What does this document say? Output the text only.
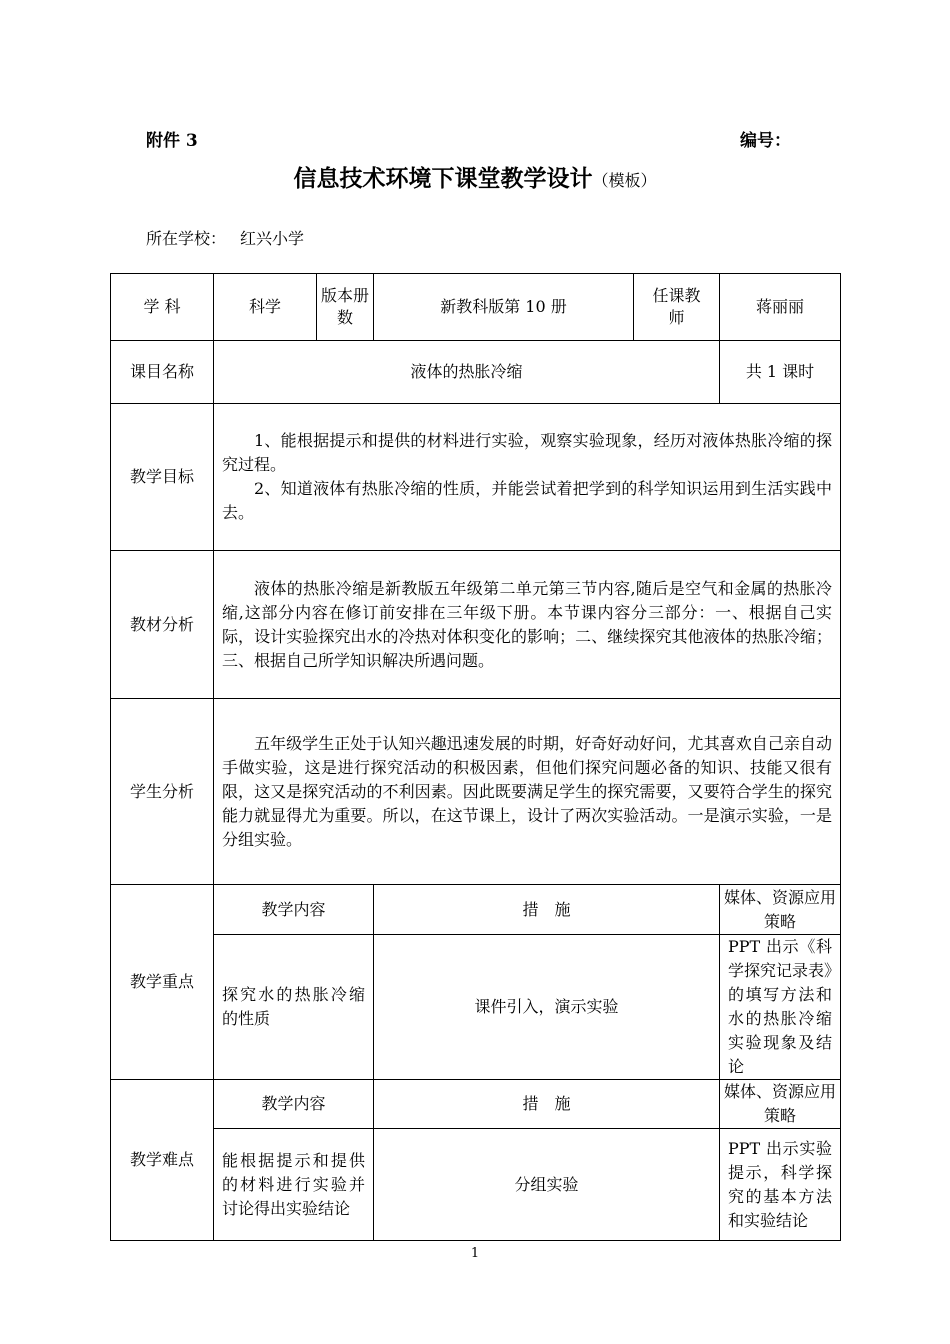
附件 3	编号：
信息技术环境下课堂教学设计（模板）
所在学校： 红兴小学
学 科	科学	版本册数	新教科版第 10 册	任课教师	蒋丽丽
课目名称	液体的热胀冷缩				共 1 课时
教学目标	1、能根据提示和提供的材料进行实验，观察实验现象，经历对液体热胀冷缩的探究过程。

2、知道液体有热胀冷缩的性质，并能尝试着把学到的科学知识运用到生活实践中去。				

教材分析	液体的热胀冷缩是新教版五年级第二单元第三节内容,随后是空气和金属的热胀冷缩,这部分内容在修订前安排在三年级下册。本节课内容分三部分：一、根据自己实际，设计实验探究出水的冷热对体积变化的影响；二、继续探究其他液体的热胀冷缩；三、根据自己所学知识解决所遇问题。				

学生分析	五年级学生正处于认知兴趣迅速发展的时期，好奇好动好问，尤其喜欢自己亲自动手做实验，这是进行探究活动的积极因素，但他们探究问题必备的知识、技能又很有限，这又是探究活动的不利因素。因此既要满足学生的探究需要，又要符合学生的探究能力就显得尤为重要。所以，在这节课上，设计了两次实验活动。一是演示实验，一是分组实验。				

教学重点	教学内容		措　施		媒体、资源应用策略
	探究水的热胀冷缩的性质		课件引入，演示实验		PPT 出示《科学探究记录表》的填写方法和水的热胀冷缩实验现象及结论
教学难点	教学内容		措　施		媒体、资源应用策略
	能根据提示和提供的材料进行实验并讨论得出实验结论		分组实验		PPT 出示实验提示，科学探究的基本方法和实验结论
1
